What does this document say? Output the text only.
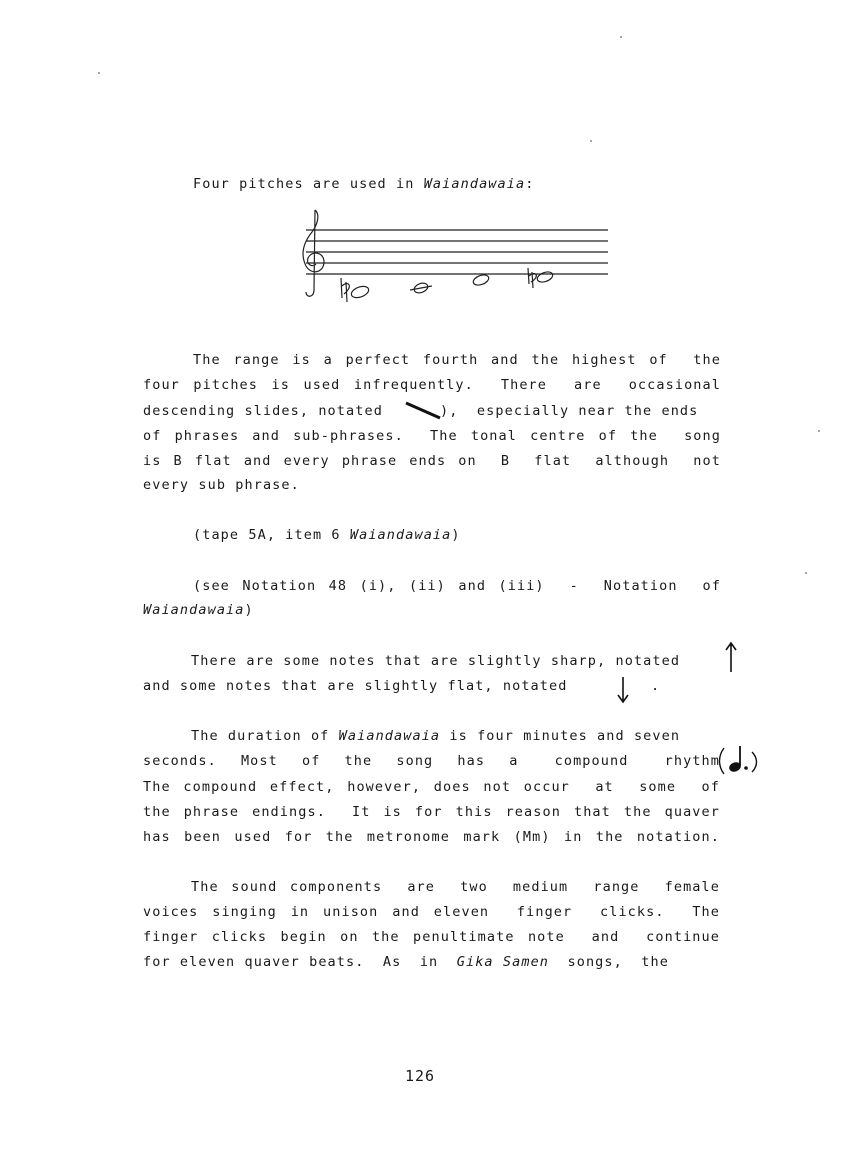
Four pitches are used in Waiandawaia:
The range is a perfect fourth and the highest of  the
four pitches is used infrequently.  There  are  occasional
descending slides, notated	),  especially near the ends
of phrases and sub-phrases.  The tonal centre of the  song
is B flat and every phrase ends on  B  flat  although  not
every sub phrase.
(tape 5A, item 6 Waiandawaia)
(see Notation 48 (i), (ii) and (iii)  -  Notation  of
Waiandawaia)
There are some notes that are slightly sharp, notated
and some notes that are slightly flat, notated	.
The duration of Waiandawaia is four minutes and seven
seconds.  Most  of  the  song  has  a   compound   rhythm
The compound effect, however, does not occur  at  some  of
the phrase endings.  It is for this reason that the quaver
has been used for the metronome mark (Mm) in the notation.
The sound components  are  two  medium  range  female
voices singing in unison and eleven  finger  clicks.  The
finger clicks begin on the penultimate note  and  continue
for eleven quaver beats.  As  in  Gika Samen  songs,  the
126
